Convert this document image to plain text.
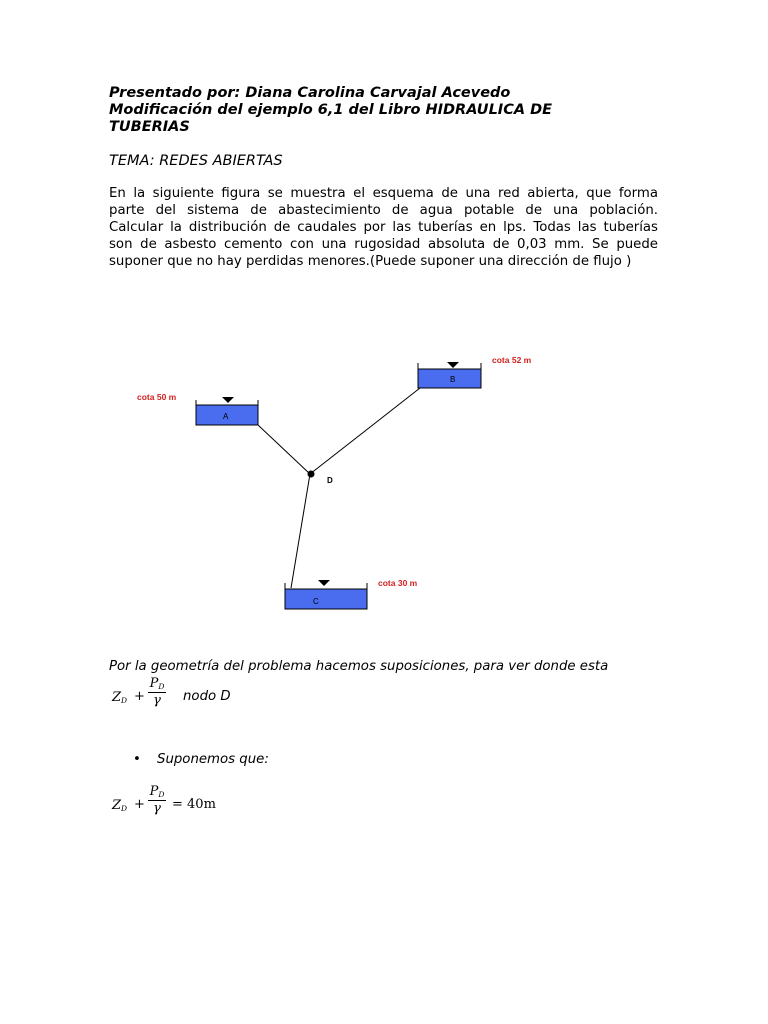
Presentado por: Diana Carolina Carvajal Acevedo
Modificación del ejemplo 6,1 del Libro HIDRAULICA DE
TUBERIAS
TEMA: REDES ABIERTAS
En la siguiente figura se muestra el esquema de una red abierta, que forma
parte del sistema de abastecimiento de agua potable de una población.
Calcular la distribución de caudales por las tuberías en lps. Todas las tuberías
son de asbesto cemento con una rugosidad absoluta de 0,03 mm. Se puede
suponer que no hay perdidas menores.(Puede suponer una dirección de flujo )
A
cota 50 m
B
cota 52 m
C
cota 30 m
D
Por la geometría del problema hacemos suposiciones, para ver donde esta
$Z_D$ +
$P_D$
γ	nodo D
• Suponemos que:
$Z_D$ +
$P_D$
γ = 40m
